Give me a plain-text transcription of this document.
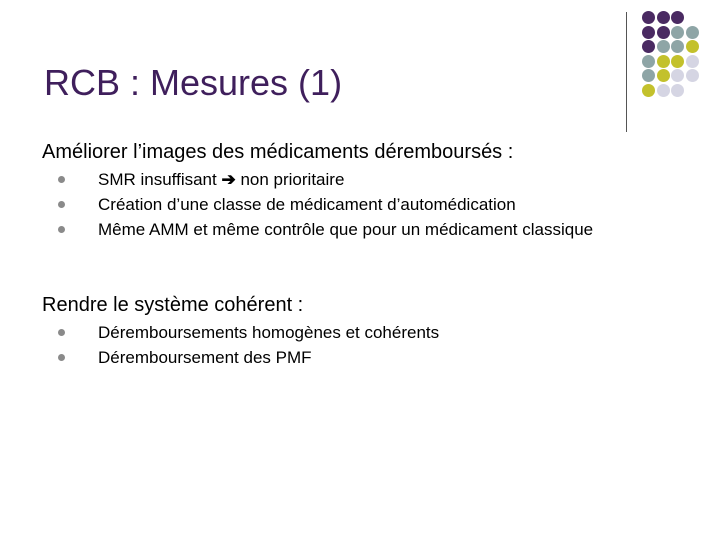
RCB : Mesures (1)
Améliorer l’images des médicaments déremboursés :
SMR insuffisant ➔ non prioritaire
Création d’une classe de médicament d’automédication
Même AMM et même contrôle que pour un médicament classique
Rendre le système cohérent :
Déremboursements homogènes et cohérents
Déremboursement des PMF
